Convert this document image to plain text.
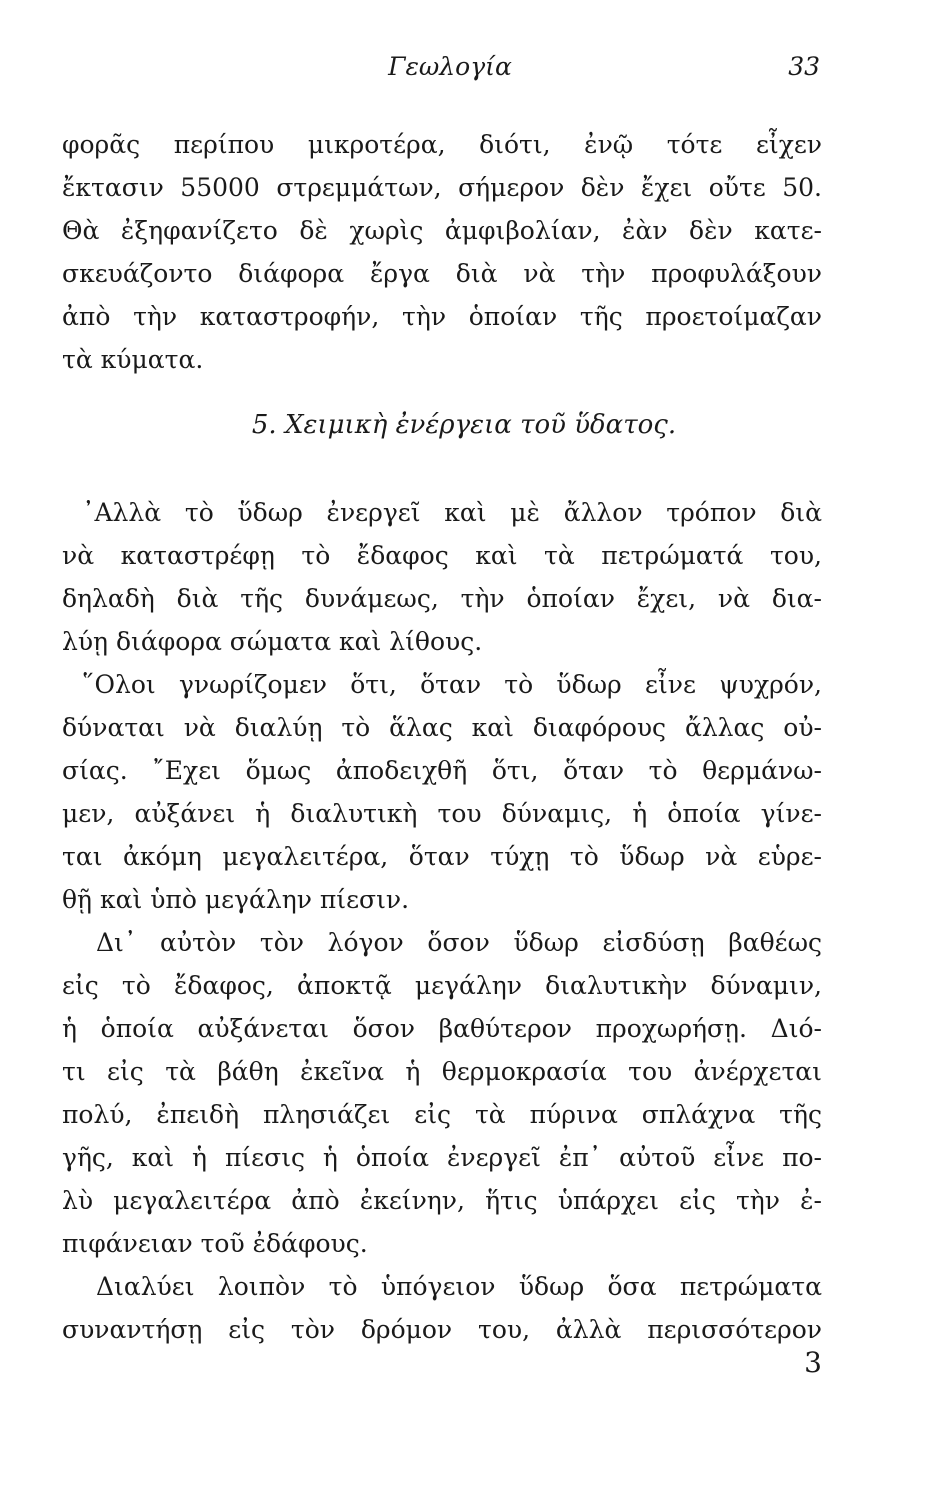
Γεωλογία	33
φορᾶς περίπου μικροτέρα, διότι, ἐνῷ τότε εἶχεν
ἔκτασιν 55000 στρεμμάτων, σήμερον δὲν ἔχει οὔτε 50.
Θὰ ἐξηφανίζετο δὲ χωρὶς ἀμφιβολίαν, ἐὰν δὲν κατε-
σκευάζοντο διάφορα ἔργα διὰ νὰ τὴν προφυλάξουν
ἀπὸ τὴν καταστροφήν, τὴν ὁποίαν τῆς προετοίμαζαν
τὰ κύματα.
5. Χειμικὴ ἐνέργεια τοῦ ὕδατος.
᾿Αλλὰ τὸ ὕδωρ ἐνεργεῖ καὶ μὲ ἄλλον τρόπον διὰ
νὰ καταστρέφῃ τὸ ἔδαφος καὶ τὰ πετρώματά του,
δηλαδὴ διὰ τῆς δυνάμεως, τὴν ὁποίαν ἔχει, νὰ δια-
λύῃ διάφορα σώματα καὶ λίθους.
῞Ολοι γνωρίζομεν ὅτι, ὅταν τὸ ὕδωρ εἶνε ψυχρόν,
δύναται νὰ διαλύῃ τὸ ἅλας καὶ διαφόρους ἄλλας οὐ-
σίας. ῎Εχει ὅμως ἀποδειχθῆ ὅτι, ὅταν τὸ θερμάνω-
μεν, αὐξάνει ἡ διαλυτικὴ του δύναμις, ἡ ὁποία γίνε-
ται ἀκόμη μεγαλειτέρα, ὅταν τύχῃ τὸ ὕδωρ νὰ εὑρε-
θῇ καὶ ὑπὸ μεγάλην πίεσιν.
Δι᾿ αὐτὸν τὸν λόγον ὅσον ὕδωρ εἰσδύσῃ βαθέως
εἰς τὸ ἔδαφος, ἀποκτᾷ μεγάλην διαλυτικὴν δύναμιν,
ἡ ὁποία αὐξάνεται ὅσον βαθύτερον προχωρήσῃ. Διό-
τι εἰς τὰ βάθη ἐκεῖνα ἡ θερμοκρασία του ἀνέρχεται
πολύ, ἐπειδὴ πλησιάζει εἰς τὰ πύρινα σπλάχνα τῆς
γῆς, καὶ ἡ πίεσις ἡ ὁποία ἐνεργεῖ ἐπ᾿ αὐτοῦ εἶνε πο-
λὺ μεγαλειτέρα ἀπὸ ἐκείνην, ἥτις ὑπάρχει εἰς τὴν ἐ-
πιφάνειαν τοῦ ἐδάφους.
Διαλύει λοιπὸν τὸ ὑπόγειον ὕδωρ ὅσα πετρώματα
συναντήσῃ εἰς τὸν δρόμον του, ἀλλὰ περισσότερον
3
